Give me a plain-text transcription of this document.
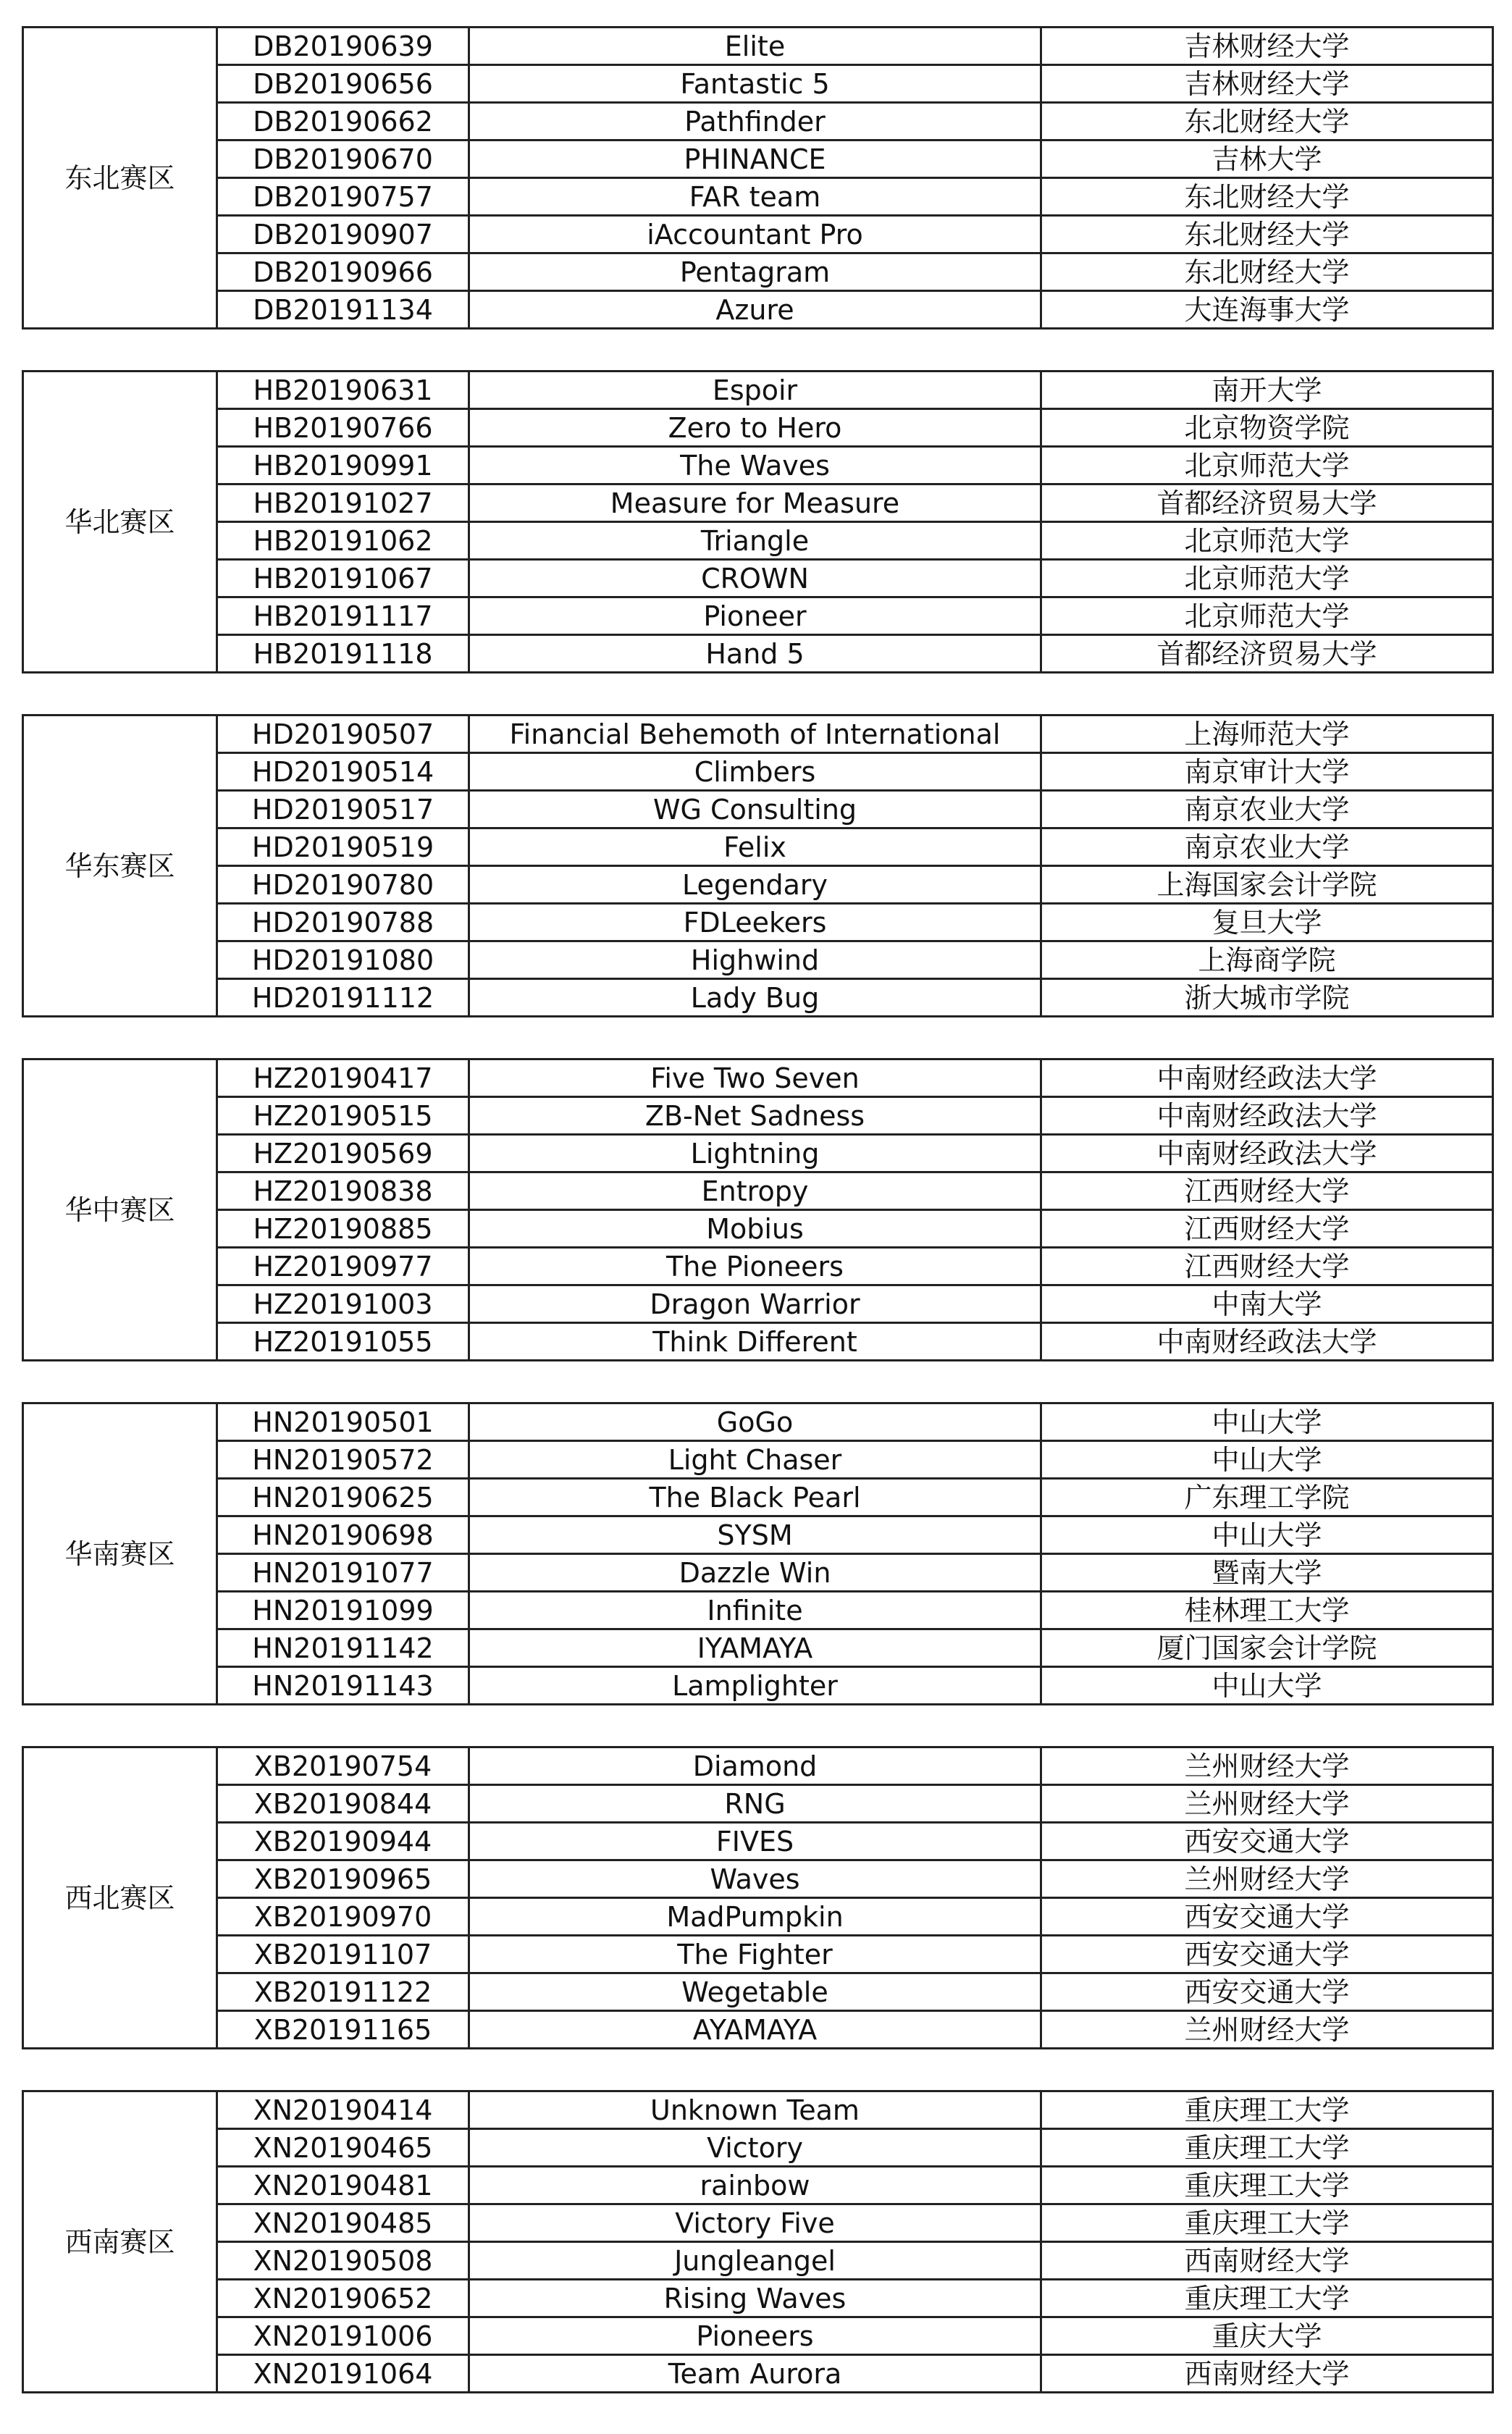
东北赛区	DB20190639	Elite	吉林财经大学
	DB20190656	Fantastic 5	吉林财经大学
	DB20190662	Pathfinder	东北财经大学
	DB20190670	PHINANCE	吉林大学
	DB20190757	FAR team	东北财经大学
	DB20190907	iAccountant Pro	东北财经大学
	DB20190966	Pentagram	东北财经大学
	DB20191134	Azure	大连海事大学
华北赛区	HB20190631	Espoir	南开大学
	HB20190766	Zero to Hero	北京物资学院
	HB20190991	The Waves	北京师范大学
	HB20191027	Measure for Measure	首都经济贸易大学
	HB20191062	Triangle	北京师范大学
	HB20191067	CROWN	北京师范大学
	HB20191117	Pioneer	北京师范大学
	HB20191118	Hand 5	首都经济贸易大学
华东赛区	HD20190507	Financial Behemoth of International	上海师范大学
	HD20190514	Climbers	南京审计大学
	HD20190517	WG Consulting	南京农业大学
	HD20190519	Felix	南京农业大学
	HD20190780	Legendary	上海国家会计学院
	HD20190788	FDLeekers	复旦大学
	HD20191080	Highwind	上海商学院
	HD20191112	Lady Bug	浙大城市学院
华中赛区	HZ20190417	Five Two Seven	中南财经政法大学
	HZ20190515	ZB-Net Sadness	中南财经政法大学
	HZ20190569	Lightning	中南财经政法大学
	HZ20190838	Entropy	江西财经大学
	HZ20190885	Mobius	江西财经大学
	HZ20190977	The Pioneers	江西财经大学
	HZ20191003	Dragon Warrior	中南大学
	HZ20191055	Think Different	中南财经政法大学
华南赛区	HN20190501	GoGo	中山大学
	HN20190572	Light Chaser	中山大学
	HN20190625	The Black Pearl	广东理工学院
	HN20190698	SYSM	中山大学
	HN20191077	Dazzle Win	暨南大学
	HN20191099	Infinite	桂林理工大学
	HN20191142	IYAMAYA	厦门国家会计学院
	HN20191143	Lamplighter	中山大学
西北赛区	XB20190754	Diamond	兰州财经大学
	XB20190844	RNG	兰州财经大学
	XB20190944	FIVES	西安交通大学
	XB20190965	Waves	兰州财经大学
	XB20190970	MadPumpkin	西安交通大学
	XB20191107	The Fighter	西安交通大学
	XB20191122	Wegetable	西安交通大学
	XB20191165	AYAMAYA	兰州财经大学
西南赛区	XN20190414	Unknown Team	重庆理工大学
	XN20190465	Victory	重庆理工大学
	XN20190481	rainbow	重庆理工大学
	XN20190485	Victory Five	重庆理工大学
	XN20190508	Jungleangel	西南财经大学
	XN20190652	Rising Waves	重庆理工大学
	XN20191006	Pioneers	重庆大学
	XN20191064	Team Aurora	西南财经大学
